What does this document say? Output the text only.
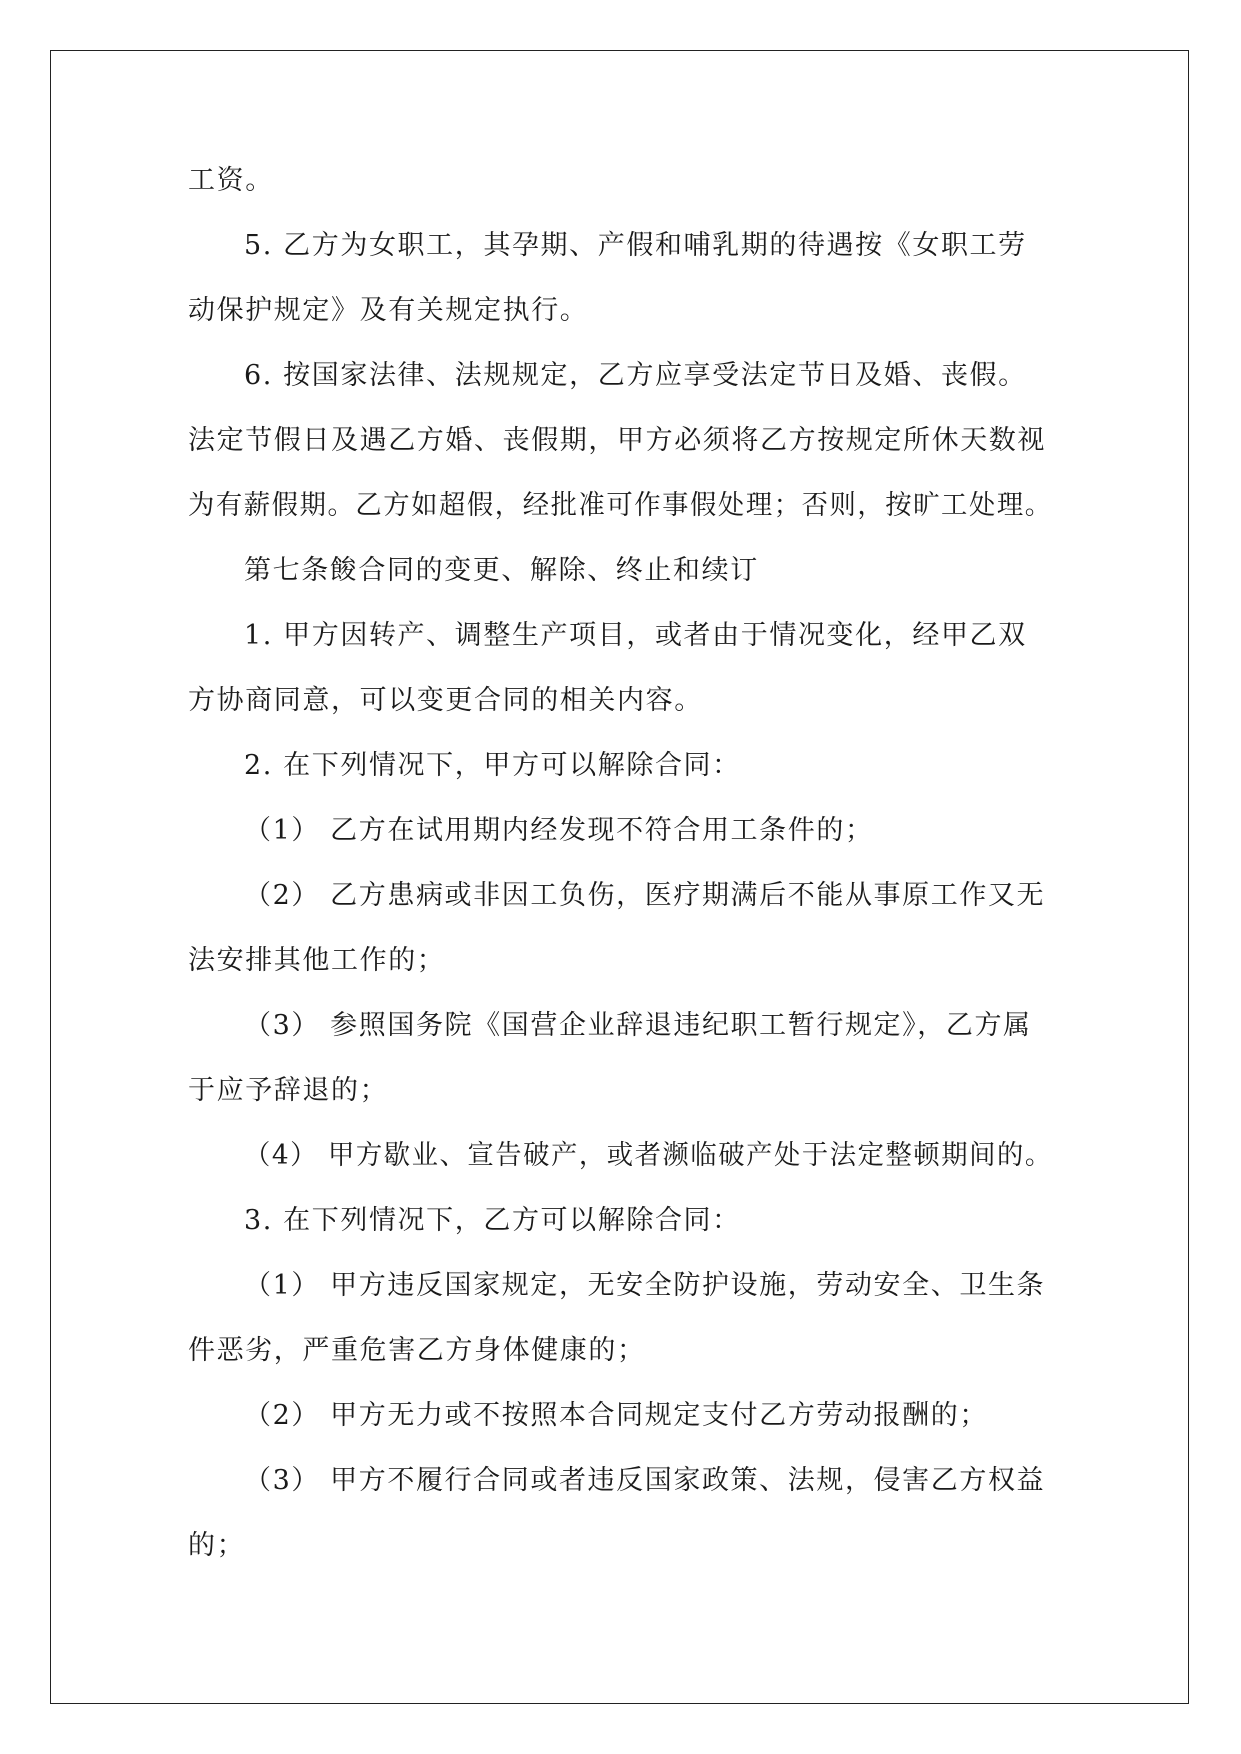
工资。
5. 乙方为女职工，其孕期、产假和哺乳期的待遇按《女职工劳
动保护规定》及有关规定执行。
6. 按国家法律、法规规定，乙方应享受法定节日及婚、丧假。
法定节假日及遇乙方婚、丧假期，甲方必须将乙方按规定所休天数视
为有薪假期。乙方如超假，经批准可作事假处理；否则，按旷工处理。
第七条餕合同的变更、解除、终止和续订
1. 甲方因转产、调整生产项目，或者由于情况变化，经甲乙双
方协商同意，可以变更合同的相关内容。
2. 在下列情况下，甲方可以解除合同：
（1） 乙方在试用期内经发现不符合用工条件的；
（2） 乙方患病或非因工负伤，医疗期满后不能从事原工作又无
法安排其他工作的；
（3） 参照国务院《国营企业辞退违纪职工暂行规定》，乙方属
于应予辞退的；
（4） 甲方歇业、宣告破产，或者濒临破产处于法定整顿期间的。
3. 在下列情况下，乙方可以解除合同：
（1） 甲方违反国家规定，无安全防护设施，劳动安全、卫生条
件恶劣，严重危害乙方身体健康的；
（2） 甲方无力或不按照本合同规定支付乙方劳动报酬的；
（3） 甲方不履行合同或者违反国家政策、法规，侵害乙方权益
的；
